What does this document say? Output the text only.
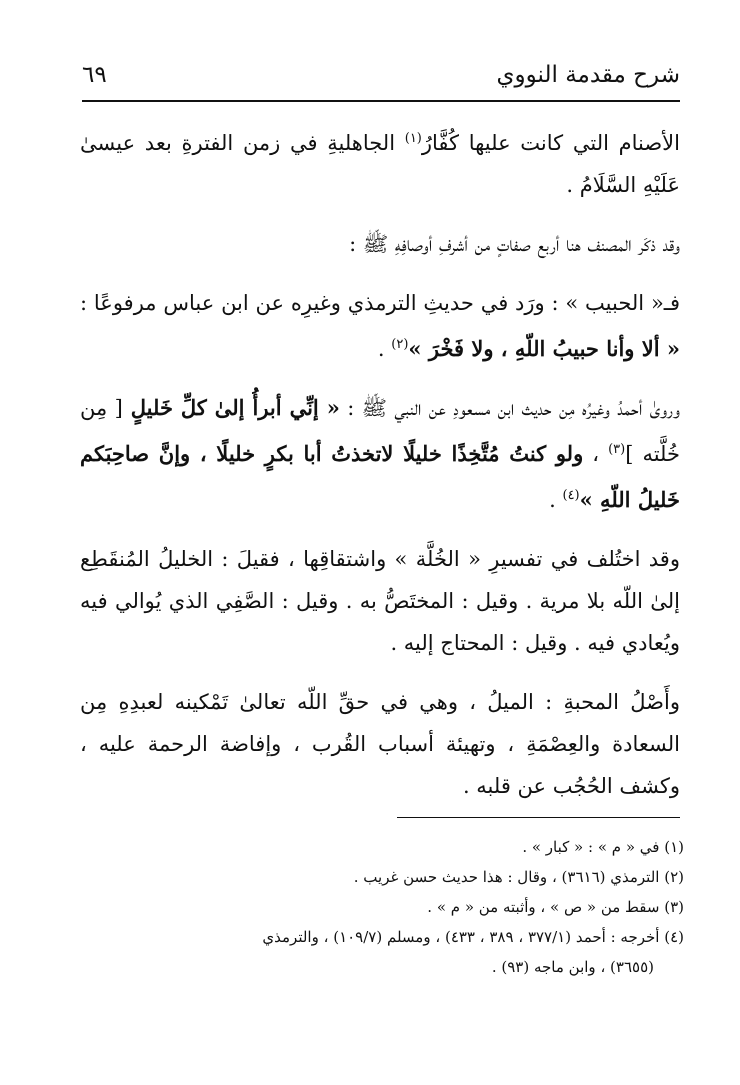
شرح مقدمة النووي
٦٩

الأصنام التي كانت عليها كُفَّارُ$^{(١)}$ الجاهليةِ في زمن الفترةِ بعد عيسىٰ عَلَيْهِ السَّلَامُ .

وقد ذكَر المصنف هنا أربع صفاتٍ من أشرفِ أوصافِهِ ﷺ :

فـ« الحبيب » : ورَد في حديثِ الترمذي وغيرِه عن ابن عباس مرفوعًا : « ألا وأنا حبيبُ اللّهِ ، ولا فَخْرَ »$^{(٢)}$ .

وروىٰ أحمدُ وغيرُه مِن حديث ابن مسعودِ عن النبي ﷺ : « إنِّي أبرأُ إلىٰ كلِّ خَليلٍ [ مِن خُلَّته ]$^{(٣)}$ ، ولو كنتُ مُتَّخِذًا خليلًا لاتخذتُ أبا بكرٍ خليلًا ، وإنَّ صاحِبَكم خَليلُ اللّهِ »$^{(٤)}$ .

وقد اختُلف في تفسيرِ « الخُلَّة » واشتقاقِها ، فقيلَ : الخليلُ المُنقَطِع إلىٰ اللّه بلا مرية . وقيل : المختَصُّ به . وقيل : الصَّفِي الذي يُوالي فيه ويُعادي فيه . وقيل : المحتاج إليه .

وأَصْلُ المحبةِ : الميلُ ، وهي في حقِّ اللّه تعالىٰ تَمْكينه لعبدِهِ مِن السعادة والعِصْمَةِ ، وتهيئة أسباب القُرب ، وإفاضة الرحمة عليه ، وكشف الحُجُب عن قلبه .

(١) في « م » : « كبار » .

(٢) الترمذي (٣٦١٦) ، وقال : هذا حديث حسن غريب .

(٣) سقط من « ص » ، وأثبته من « م » .

(٤) أخرجه : أحمد (٣٧٧/١ ، ٣٨٩ ، ٤٣٣) ، ومسلم (١٠٩/٧) ، والترمذي

(٣٦٥٥) ، وابن ماجه (٩٣) .
